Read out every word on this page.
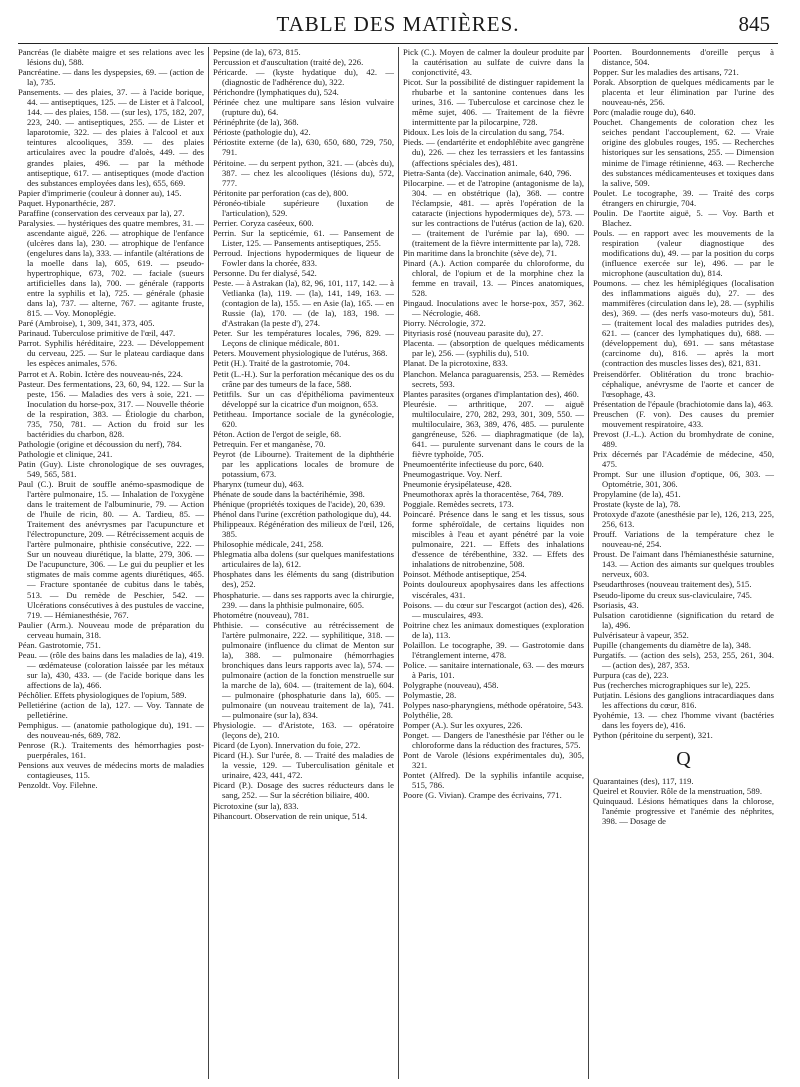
TABLE DES MATIÈRES.	845

Pancréas (le diabète maigre et ses relations avec les lésions du), 588.

Pancréatine. — dans les dyspepsies, 69. — (action de la), 735.

Pansements. — des plaies, 37. — à l'acide borique, 44. — antiseptiques, 125. — de Lister et à l'alcool, 144. — des plaies, 158. — (sur les), 175, 182, 207, 223, 240. — antiseptiques, 255. — de Lister et laparotomie, 322. — des plaies à l'alcool et aux teintures alcooliques, 359. — des plaies articulaires avec la poudre d'aloès, 449. — des grandes plaies, 496. — par la méthode antiseptique, 617. — antiseptiques (mode d'action des substances employées dans les), 655, 669.

Papier d'imprimerie (couleur à donner au), 145.

Paquet. Hyponarthécie, 287.

Paraffine (conservation des cerveaux par la), 27.

Paralysies. — hystériques des quatre membres, 31. — ascendante aiguë, 226. — atrophique de l'enfance (ulcères dans la), 230. — atrophique de l'enfance (engelures dans la), 333. — infantile (altérations de la moelle dans la), 605, 619. — pseudo-hypertrophique, 673, 702. — faciale (sueurs artificielles dans la), 700. — générale (rapports entre la syphilis et la), 725. — générale (phasie dans la), 737. — alterne, 767. — agitante fruste, 815. — Voy. Monoplégie.

Paré (Ambroise), 1, 309, 341, 373, 405.

Parinaud. Tuberculose primitive de l'œil, 447.

Parrot. Syphilis héréditaire, 223. — Développement du cerveau, 225. — Sur le plateau cardiaque dans les espèces animales, 576.

Parrot et A. Robin. Ictère des nouveau-nés, 224.

Pasteur. Des fermentations, 23, 60, 94, 122. — Sur la peste, 156. — Maladies des vers à soie, 221. — Inoculation du horse-pox, 317. — Nouvelle théorie de la respiration, 383. — Étiologie du charbon, 735, 750, 781. — Action du froid sur les bactéridies du charbon, 828.

Pathologie (origine et découssion du nerf), 784.

Pathologie et clinique, 241.

Patin (Guy). Liste chronologique de ses ouvrages, 549, 565, 581.

Paul (C.). Bruit de souffle anémo-spasmodique de l'artère pulmonaire, 15. — Inhalation de l'oxygène dans le traitement de l'albuminurie, 79. — Action de l'huile de ricin, 80. — A. Tardieu, 85. — Traitement des anévrysmes par l'acupuncture et l'électropuncture, 209. — Rétrécissement acquis de l'artère pulmonaire, phthisie consécutive, 222. — Sur un nouveau diurétique, la blatte, 279, 306. — De l'acupuncture, 306. — Le gui du peuplier et les stigmates de maïs comme agents diurétiques, 465. — Fracture spontanée de cubitus dans le tabès, 513. — Du remède de Peschier, 542. — Ulcérations consécutives à des pustules de vaccine, 719. — Hémianesthésie, 767.

Paulier (Arm.). Nouveau mode de préparation du cerveau humain, 318.

Péan. Gastrotomie, 751.

Peau. — (rôle des bains dans les maladies de la), 419. — œdémateuse (coloration laissée par les métaux sur la), 430, 433. — (de l'acide borique dans les affections de la), 466.

Péchôlier. Effets physiologiques de l'opium, 589.

Pelletiérine (action de la), 127. — Voy. Tannate de pelletiérine.

Pemphigus. — (anatomie pathologique du), 191. — des nouveau-nés, 689, 782.

Penrose (R.). Traitements des hémorrhagies post-puerpérales, 161.

Pensions aux veuves de médecins morts de maladies contagieuses, 115.

Penzoldt. Voy. Filehne.

Pepsine (de la), 673, 815.

Percussion et d'auscultation (traité de), 226.

Péricarde. — (kyste hydatique du), 42. — (diagnostic de l'adhérence du), 322.

Périchondre (lymphatiques du), 524.

Périnée chez une multipare sans lésion vulvaire (rupture du), 64.

Périnéphrite (de la), 368.

Périoste (pathologie du), 42.

Périostite externe (de la), 630, 650, 680, 729, 750, 791.

Péritoine. — du serpent python, 321. — (abcès du), 387. — chez les alcooliques (lésions du), 572, 777.

Péritonite par perforation (cas de), 800.

Péronéo-tibiale supérieure (luxation de l'articulation), 529.

Perrier. Coryza caséeux, 600.

Perrin. Sur la septicémie, 61. — Pansement de Lister, 125. — Pansements antiseptiques, 255.

Perroud. Injections hypodermiques de liqueur de Fowler dans la chorée, 833.

Personne. Du fer dialysé, 542.

Peste. — à Astrakan (la), 82, 96, 101, 117, 142. — à Vetlianka (la), 119. — (la), 141, 149, 163. — (contagion de la), 155. — en Asie (la), 165. — en Russie (la), 170. — (de la), 183, 198. — d'Astrakan (la peste d'), 274.

Peter. Sur les températures locales, 796, 829. — Leçons de clinique médicale, 801.

Peters. Mouvement physiologique de l'utérus, 368.

Petit (H.). Traité de la gastrotomie, 704.

Petit (L.-H.). Sur la perforation mécanique des os du crâne par des tumeurs de la face, 588.

Petitfils. Sur un cas d'épithélioma pavimenteux développé sur la cicatrice d'un moignon, 653.

Petitheau. Importance sociale de la gynécologie, 620.

Péton. Action de l'ergot de seigle, 68.

Petrequin. Fer et manganèse, 70.

Peyrot (de Libourne). Traitement de la diphthérie par les applications locales de bromure de potassium, 673.

Pharynx (tumeur du), 463.

Phénate de soude dans la bactérihémie, 398.

Phénique (propriétés toxiques de l'acide), 20, 639.

Phénol dans l'urine (excrétion pathologique du), 44.

Philippeaux. Régénération des milieux de l'œil, 126, 385.

Philosophie médicale, 241, 258.

Phlegmatia alba dolens (sur quelques manifestations articulaires de la), 612.

Phosphates dans les éléments du sang (distribution des), 252.

Phosphaturie. — dans ses rapports avec la chirurgie, 239. — dans la phthisie pulmonaire, 605.

Photométre (nouveau), 781.

Phthisie. — consécutive au rétrécissement de l'artère pulmonaire, 222. — syphilitique, 318. — pulmonaire (influence du climat de Menton sur la), 388. — pulmonaire (hémorrhagies bronchiques dans leurs rapports avec la), 574. — pulmonaire (action de la fonction menstruelle sur la marche de la), 604. — (traitement de la), 604. — pulmonaire (phosphaturie dans la), 605. — pulmonaire (un nouveau traitement de la), 741. — pulmonaire (sur la), 834.

Physiologie. — d'Aristote, 163. — opératoire (leçons de), 210.

Picard (de Lyon). Innervation du foie, 272.

Picard (H.). Sur l'urée, 8. — Traité des maladies de la vessie, 129. — Tuberculisation génitale et urinaire, 423, 441, 472.

Picard (P.). Dosage des sucres réducteurs dans le sang, 252. — Sur la sécrétion biliaire, 400.

Picrotoxine (sur la), 833.

Pihancourt. Observation de rein unique, 514.

Pick (C.). Moyen de calmer la douleur produite par la cautérisation au sulfate de cuivre dans la conjonctivité, 43.

Picot. Sur la possibilité de distinguer rapidement la rhubarbe et la santonine contenues dans les urines, 316. — Tuberculose et carcinose chez le même sujet, 406. — Traitement de la fièvre intermittente par la pilocarpine, 728.

Pidoux. Les lois de la circulation du sang, 754.

Pieds. — (endartérite et endophlébite avec gangrène du), 226. — chez les terrassiers et les fantassins (affections spéciales des), 481.

Pietra-Santa (de). Vaccination animale, 640, 796.

Pilocarpine. — et de l'atropine (antagonisme de la), 304. — en obstétrique (la), 368. — contre l'éclampsie, 481. — après l'opération de la cataracte (injections hypodermiques de), 573. — sur les contractions de l'utérus (action de la), 620. — (traitement de l'urémie par la), 690. — (traitement de la fièvre intermittente par la), 728.

Pin maritime dans la bronchite (sève de), 71.

Pinard (A.). Action comparée du chloroforme, du chloral, de l'opium et de la morphine chez la femme en travail, 13. — Pinces anatomiques, 528.

Pingaud. Inoculations avec le horse-pox, 357, 362. — Nécrologie, 468.

Piorry. Nécrologie, 372.

Pityriasis rosé (nouveau parasite du), 27.

Placenta. — (absorption de quelques médicaments par le), 256. — (syphilis du), 510.

Planat. De la picrotoxine, 833.

Planchon. Melanca paraguarensis, 253. — Remèdes secrets, 593.

Plantes parasites (organes d'implantation des), 460.

Pleurésie. — arthritique, 207. — aiguë multiloculaire, 270, 282, 293, 301, 309, 550. — multiloculaire, 363, 389, 476, 485. — purulente gangréneuse, 526. — diaphragmatique (de la), 641. — purulente survenant dans le cours de la fièvre typhoïde, 705.

Pneumoentérite infectieuse du porc, 640.

Pneumogastrique. Voy. Nerf.

Pneumonie érysipélateuse, 428.

Pneumothorax après la thoracentèse, 764, 789.

Poggiale. Remèdes secrets, 173.

Poincaré. Présence dans le sang et les tissus, sous forme sphéroïdale, de certains liquides non miscibles à l'eau et ayant pénétré par la voie pulmonaire, 221. — Effets des inhalations d'essence de térébenthine, 332. — Effets des inhalations de nitrobenzine, 508.

Poinsot. Méthode antiseptique, 254.

Points douloureux apophysaires dans les affections viscérales, 431.

Poisons. — du cœur sur l'escargot (action des), 426. — musculaires, 493.

Poitrine chez les animaux domestiques (exploration de la), 113.

Polaillon. Le tocographe, 39. — Gastrotomie dans l'étranglement interne, 478.

Police. — sanitaire internationale, 63. — des mœurs à Paris, 101.

Polygraphe (nouveau), 458.

Polymastie, 28.

Polypes naso-pharyngiens, méthode opératoire, 543.

Polythélie, 28.

Pomper (A.). Sur les oxyures, 226.

Ponget. — Dangers de l'anesthésie par l'éther ou le chloroforme dans la réduction des fractures, 575.

Pont de Varole (lésions expérimentales du), 305, 321.

Pontet (Alfred). De la syphilis infantile acquise, 515, 786.

Poore (G. Vivian). Crampe des écrivains, 771.

Poorten. Bourdonnements d'oreille perçus à distance, 504.

Popper. Sur les maladies des artisans, 721.

Porak. Absorption de quelques médicaments par le placenta et leur élimination par l'urine des nouveau-nés, 256.

Porc (maladie rouge du), 640.

Pouchet. Changements de coloration chez les seiches pendant l'accouplement, 62. — Vraie origine des globules rouges, 195. — Recherches historiques sur les sensations, 255. — Dimension minime de l'image rétinienne, 463. — Recherche des substances médicamenteuses et toxiques dans la salive, 509.

Poulet. Le tocographe, 39. — Traité des corps étrangers en chirurgie, 704.

Poulin. De l'aortite aiguë, 5. — Voy. Barth et Blachez.

Pouls. — en rapport avec les mouvements de la respiration (valeur diagnostique des modifications du), 49. — par la position du corps (influence exercée sur le), 496. — par le microphone (auscultation du), 814.

Poumons. — chez les hémiplégiques (localisation des inflammations aiguës du), 27. — des mammifères (circulation dans le), 28. — (syphilis des), 369. — (des nerfs vaso-moteurs du), 581. — (traitement local des maladies putrides des), 621. — (cancer des lymphatiques du), 688. — (développement du), 691. — sans métastase (carcinome du), 816. — après la mort (contraction des muscles lisses des), 821, 831.

Preisendörfer. Oblitération du tronc brachio-céphalique, anévrysme de l'aorte et cancer de l'œsophage, 43.

Présentation de l'épaule (brachiotomie dans la), 463.

Preuschen (F. von). Des causes du premier mouvement respiratoire, 433.

Prevost (J.-L.). Action du bromhydrate de conine, 489.

Prix décernés par l'Académie de médecine, 450, 475.

Prompt. Sur une illusion d'optique, 06, 303. — Optométrie, 301, 306.

Propylamine (de la), 451.

Prostate (kyste de la), 78.

Protoxyde d'azote (anesthésie par le), 126, 213, 225, 256, 613.

Prouff. Variations de la température chez le nouveau-né, 254.

Proust. De l'aimant dans l'hémianesthésie saturnine, 143. — Action des aimants sur quelques troubles nerveux, 603.

Pseudarthroses (nouveau traitement des), 515.

Pseudo-lipome du creux sus-claviculaire, 745.

Psoriasis, 43.

Pulsation carotidienne (signification du retard de la), 496.

Pulvérisateur à vapeur, 352.

Pupille (changements du diamètre de la), 348.

Purgatifs. — (action des sels), 253, 255, 261, 304. — (action des), 287, 353.

Purpura (cas de), 223.

Pus (recherches micrographiques sur le), 225.

Putjatin. Lésions des ganglions intracardiaques dans les affections du cœur, 816.

Pyohémie, 13. — chez l'homme vivant (bactéries dans les foyers de), 416.

Python (péritoine du serpent), 321.

Q

Quarantaines (des), 117, 119.

Queirel et Rouvier. Rôle de la menstruation, 589.

Quinquaud. Lésions hématiques dans la chlorose, l'anémie progressive et l'anémie des néphrites, 398. — Dosage de
